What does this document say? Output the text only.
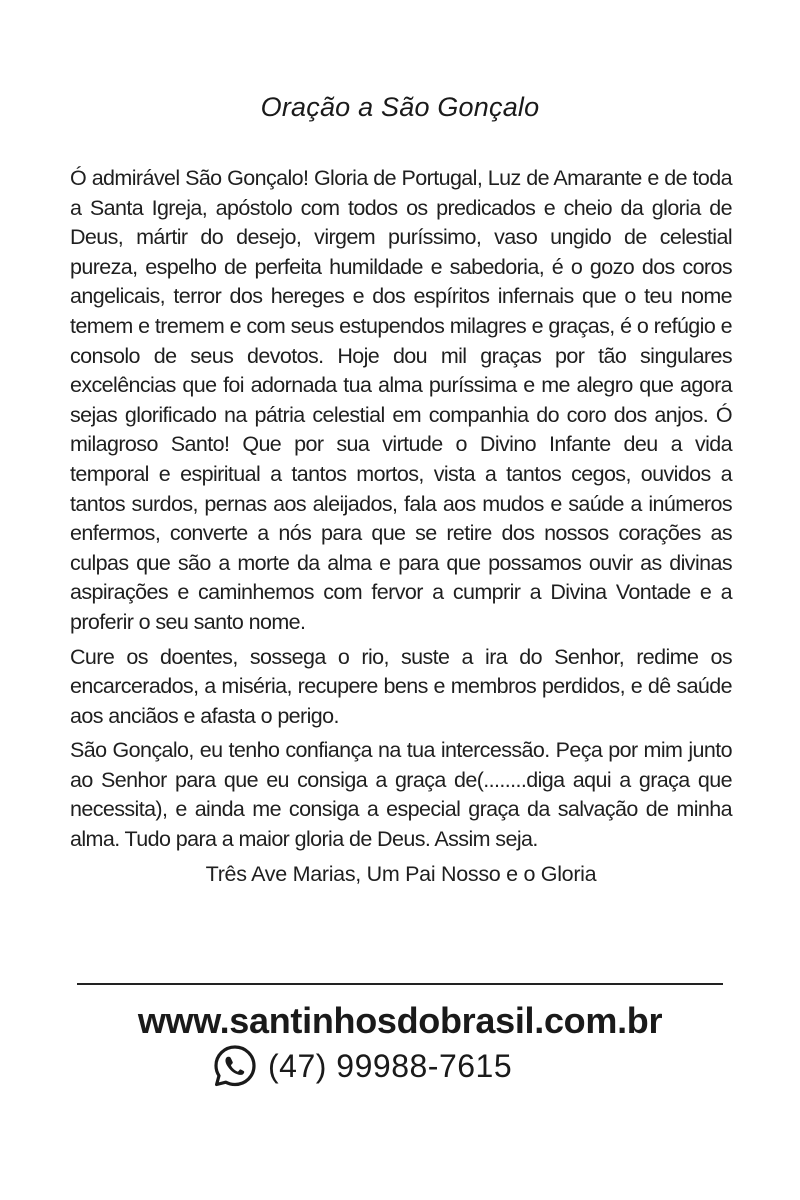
Oração a São Gonçalo

Ó admirável São Gonçalo! Gloria de Portugal, Luz de Amarante e de toda a Santa Igreja, apóstolo com todos os predicados e cheio da gloria de Deus, mártir do desejo, virgem puríssimo, vaso ungido de celestial pureza, espelho de perfeita humildade e sabedoria, é o gozo dos coros angelicais, terror dos hereges e dos espíritos infernais que o teu nome temem e tremem e com seus estupendos milagres e graças, é o refúgio e consolo de seus devotos. Hoje dou mil graças por tão singulares excelências que foi adornada tua alma puríssima e me alegro que agora sejas glorificado na pátria celestial em companhia do coro dos anjos. Ó milagroso Santo! Que por sua virtude o Divino Infante deu a vida temporal e espiritual a tantos mortos, vista a tantos cegos, ouvidos a tantos surdos, pernas aos aleijados, fala aos mudos e saúde a inúmeros enfermos, converte a nós para que se retire dos nossos corações as culpas que são a morte da alma e para que possamos ouvir as divinas aspirações e caminhemos com fervor a cumprir a Divina Vontade e a proferir o seu santo nome.

Cure os doentes, sossega o rio, suste a ira do Senhor, redime os encarcerados, a miséria, recupere bens e membros perdidos, e dê saúde aos anciãos e afasta o perigo.

São Gonçalo, eu tenho confiança na tua intercessão. Peça por mim junto ao Senhor para que eu consiga a graça de(........diga aqui a graça que necessita), e ainda me consiga a especial graça da salvação de minha alma. Tudo para a maior gloria de Deus. Assim seja.

Três Ave Marias, Um Pai Nosso e o Gloria
www.santinhosdobrasil.com.br
(47) 99988-7615
